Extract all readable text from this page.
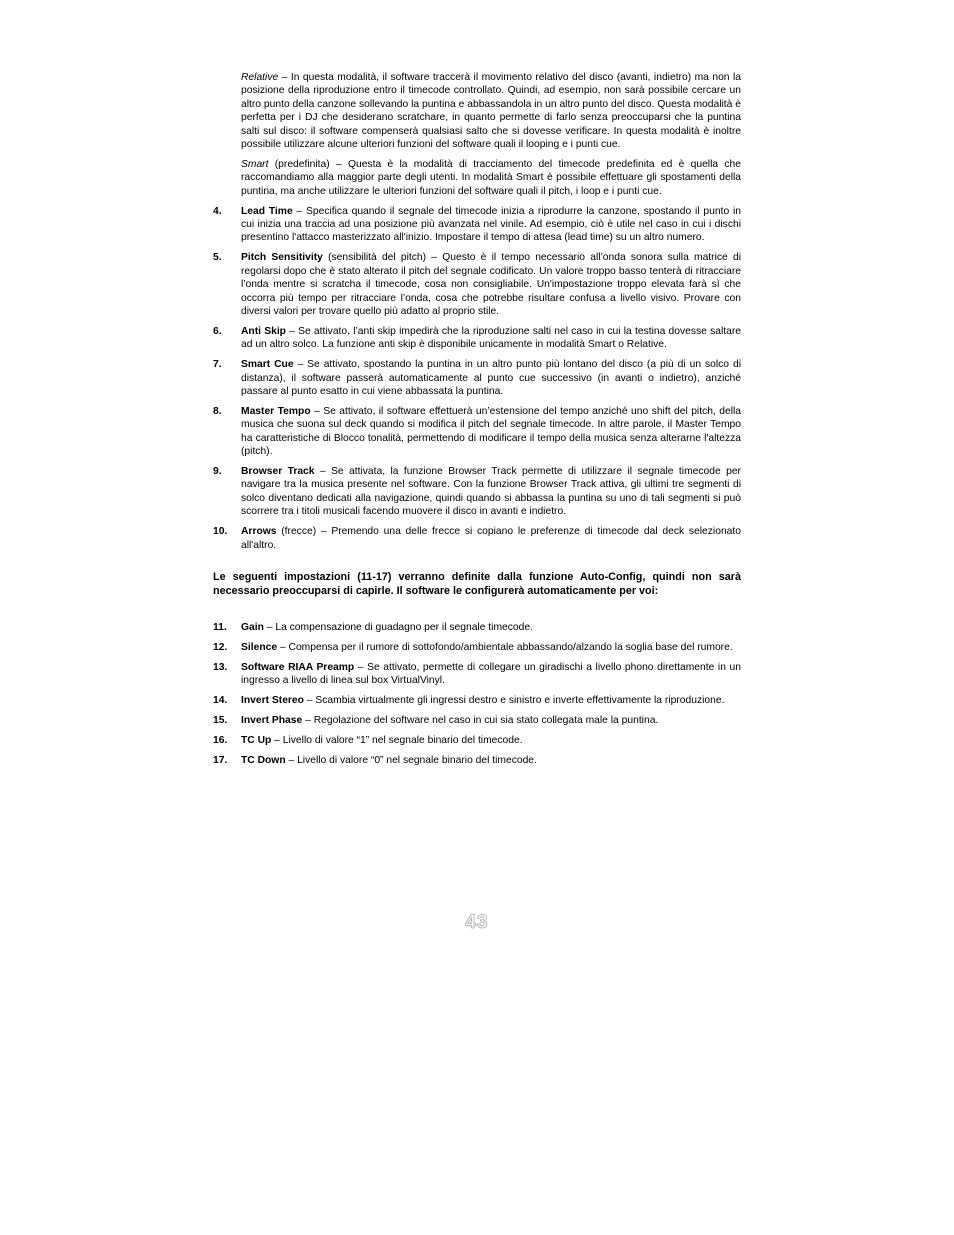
Relative – In questa modalità, il software traccerà il movimento relativo del disco (avanti, indietro) ma non la posizione della riproduzione entro il timecode controllato. Quindi, ad esempio, non sarà possibile cercare un altro punto della canzone sollevando la puntina e abbassandola in un altro punto del disco. Questa modalità è perfetta per i DJ che desiderano scratchare, in quanto permette di farlo senza preoccuparsi che la puntina salti sul disco: il software compenserà qualsiasi salto che si dovesse verificare. In questa modalità è inoltre possibile utilizzare alcune ulteriori funzioni del software quali il looping e i punti cue.

Smart (predefinita) – Questa è la modalità di tracciamento del timecode predefinita ed è quella che raccomandiamo alla maggior parte degli utenti. In modalità Smart è possibile effettuare gli spostamenti della puntina, ma anche utilizzare le ulteriori funzioni del software quali il pitch, i loop e i punti cue.

4.	Lead Time – Specifica quando il segnale del timecode inizia a riprodurre la canzone, spostando il punto in cui inizia una traccia ad una posizione più avanzata nel vinile. Ad esempio, ciò è utile nel caso in cui i dischi presentino l'attacco masterizzato all'inizio. Impostare il tempo di attesa (lead time) su un altro numero.
5.	Pitch Sensitivity (sensibilità del pitch) – Questo è il tempo necessario all’onda sonora sulla matrice di regolarsi dopo che è stato alterato il pitch del segnale codificato. Un valore troppo basso tenterà di ritracciare l’onda mentre si scratcha il timecode, cosa non consigliabile. Un'impostazione troppo elevata farà sì che occorra più tempo per ritracciare l’onda, cosa che potrebbe risultare confusa a livello visivo. Provare con diversi valori per trovare quello più adatto al proprio stile.
6.	Anti Skip – Se attivato, l’anti skip impedirà che la riproduzione salti nel caso in cui la testina dovesse saltare ad un altro solco. La funzione anti skip è disponibile unicamente in modalità Smart o Relative.
7.	Smart Cue – Se attivato, spostando la puntina in un altro punto più lontano del disco (a più di un solco di distanza), il software passerà automaticamente al punto cue successivo (in avanti o indietro), anziché passare al punto esatto in cui viene abbassata la puntina.
8.	Master Tempo – Se attivato, il software effettuerà un’estensione del tempo anziché uno shift del pitch, della musica che suona sul deck quando si modifica il pitch del segnale timecode. In altre parole, il Master Tempo ha caratteristiche di Blocco tonalità, permettendo di modificare il tempo della musica senza alterarne l'altezza (pitch).
9.	Browser Track – Se attivata, la funzione Browser Track permette di utilizzare il segnale timecode per navigare tra la musica presente nel software. Con la funzione Browser Track attiva, gli ultimi tre segmenti di solco diventano dedicati alla navigazione, quindi quando si abbassa la puntina su uno di tali segmenti si può scorrere tra i titoli musicali facendo muovere il disco in avanti e indietro.
10.	Arrows (frecce) – Premendo una delle frecce si copiano le preferenze di timecode dal deck selezionato all'altro.

Le seguenti impostazioni (11-17) verranno definite dalla funzione Auto-Config, quindi non sarà necessario preoccuparsi di capirle. Il software le configurerà automaticamente per voi:

11.	Gain – La compensazione di guadagno per il segnale timecode.
12.	Silence – Compensa per il rumore di sottofondo/ambientale abbassando/alzando la soglia base del rumore.
13.	Software RIAA Preamp – Se attivato, permette di collegare un giradischi a livello phono direttamente in un ingresso a livello di linea sul box VirtualVinyl.
14.	Invert Stereo – Scambia virtualmente gli ingressi destro e sinistro e inverte effettivamente la riproduzione.
15.	Invert Phase – Regolazione del software nel caso in cui sia stato collegata male la puntina.
16.	TC Up – Livello di valore “1” nel segnale binario del timecode.
17.	TC Down – Livello di valore “0” nel segnale binario del timecode.
43
